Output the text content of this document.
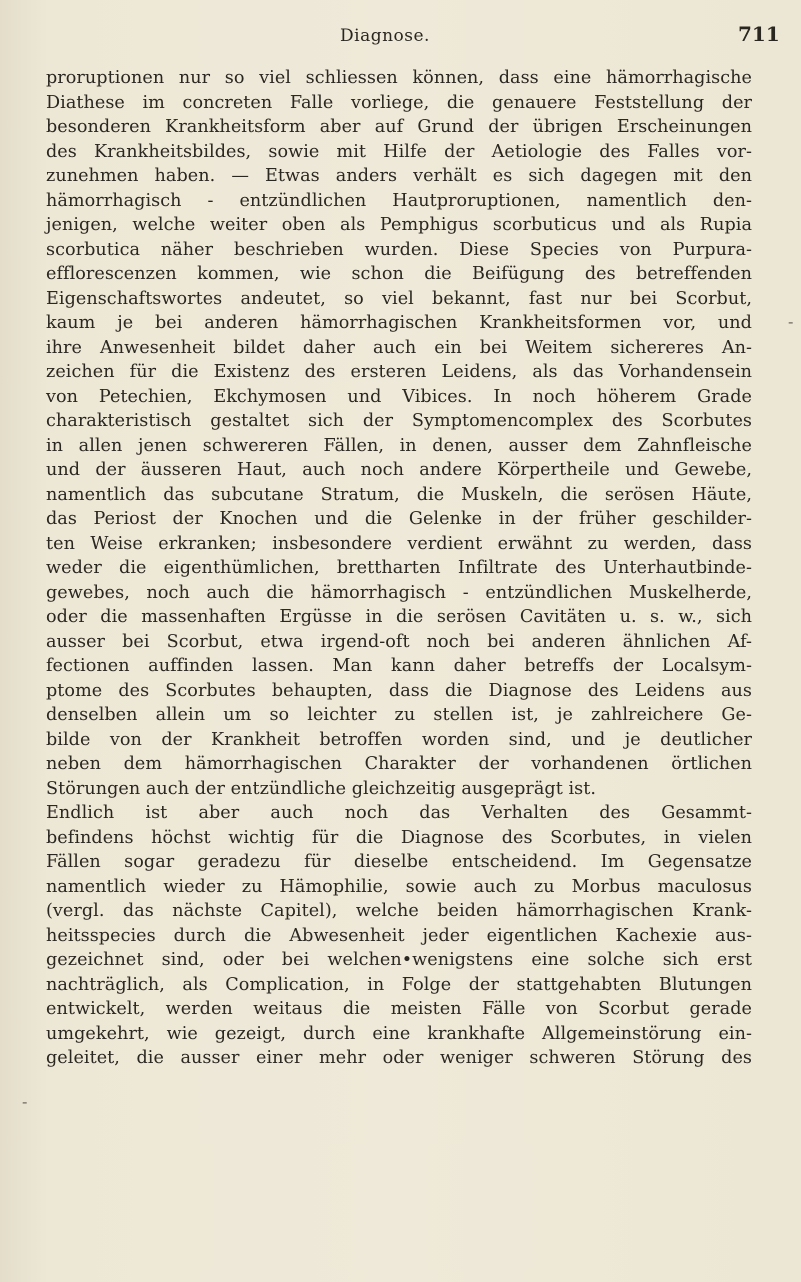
Diagnose.	711
-
-
proruptionen nur so viel schliessen können, dass eine hämorrhagische
Diathese im concreten Falle vorliege, die genauere Feststellung der
besonderen Krankheitsform aber auf Grund der übrigen Erscheinungen
des Krankheitsbildes, sowie mit Hilfe der Aetiologie des Falles vor-
zunehmen haben. — Etwas anders verhält es sich dagegen mit den
hämorrhagisch - entzündlichen Hautproruptionen, namentlich den-
jenigen, welche weiter oben als Pemphigus scorbuticus und als Rupia
scorbutica näher beschrieben wurden. Diese Species von Purpura-
efflorescenzen kommen, wie schon die Beifügung des betreffenden
Eigenschaftswortes andeutet, so viel bekannt, fast nur bei Scorbut,
kaum je bei anderen hämorrhagischen Krankheitsformen vor, und
ihre Anwesenheit bildet daher auch ein bei Weitem sichereres An-
zeichen für die Existenz des ersteren Leidens, als das Vorhandensein
von Petechien, Ekchymosen und Vibices. In noch höherem Grade
charakteristisch gestaltet sich der Symptomencomplex des Scorbutes
in allen jenen schwereren Fällen, in denen, ausser dem Zahnfleische
und der äusseren Haut, auch noch andere Körpertheile und Gewebe,
namentlich das subcutane Stratum, die Muskeln, die serösen Häute,
das Periost der Knochen und die Gelenke in der früher geschilder-
ten Weise erkranken; insbesondere verdient erwähnt zu werden, dass
weder die eigenthümlichen, brettharten Infiltrate des Unterhautbinde-
gewebes, noch auch die hämorrhagisch - entzündlichen Muskelherde,
oder die massenhaften Ergüsse in die serösen Cavitäten u. s. w., sich
ausser bei Scorbut, etwa irgend-oft noch bei anderen ähnlichen Af-
fectionen auffinden lassen. Man kann daher betreffs der Localsym-
ptome des Scorbutes behaupten, dass die Diagnose des Leidens aus
denselben allein um so leichter zu stellen ist, je zahlreichere Ge-
bilde von der Krankheit betroffen worden sind, und je deutlicher
neben dem hämorrhagischen Charakter der vorhandenen örtlichen
Störungen auch der entzündliche gleichzeitig ausgeprägt ist.
Endlich ist aber auch noch das Verhalten des Gesammt-
befindens höchst wichtig für die Diagnose des Scorbutes, in vielen
Fällen sogar geradezu für dieselbe entscheidend. Im Gegensatze
namentlich wieder zu Hämophilie, sowie auch zu Morbus maculosus
(vergl. das nächste Capitel), welche beiden hämorrhagischen Krank-
heitsspecies durch die Abwesenheit jeder eigentlichen Kachexie aus-
gezeichnet sind, oder bei welchen•wenigstens eine solche sich erst
nachträglich, als Complication, in Folge der stattgehabten Blutungen
entwickelt, werden weitaus die meisten Fälle von Scorbut gerade
umgekehrt, wie gezeigt, durch eine krankhafte Allgemeinstörung ein-
geleitet, die ausser einer mehr oder weniger schweren Störung des
